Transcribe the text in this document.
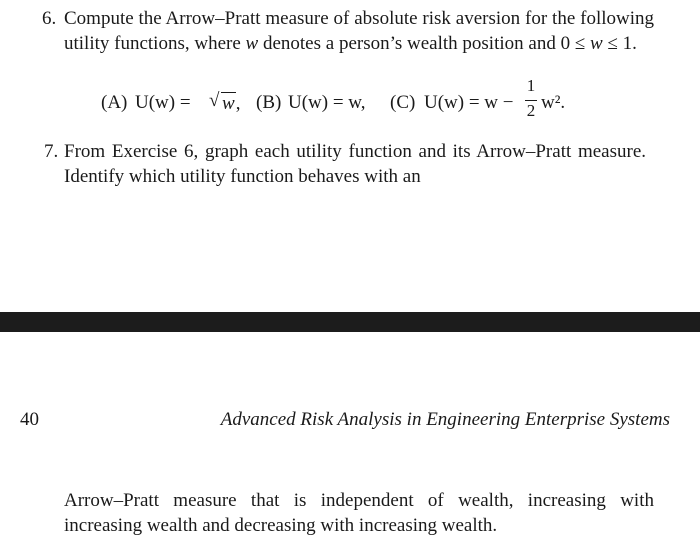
6. Compute the Arrow–Pratt measure of absolute risk aversion for the following utility functions, where w denotes a person’s wealth position and 0 ≤ w ≤ 1.
(A) U(w) = √ w, (B) U(w) = w, (C) U(w) = w −
1
2 w².
7. From Exercise 6, graph each utility function and its Arrow–Pratt measure. Identify which utility function behaves with an
40	Advanced Risk Analysis in Engineering Enterprise Systems
Arrow–Pratt measure that is independent of wealth, increasing with increasing wealth and decreasing with increasing wealth.
